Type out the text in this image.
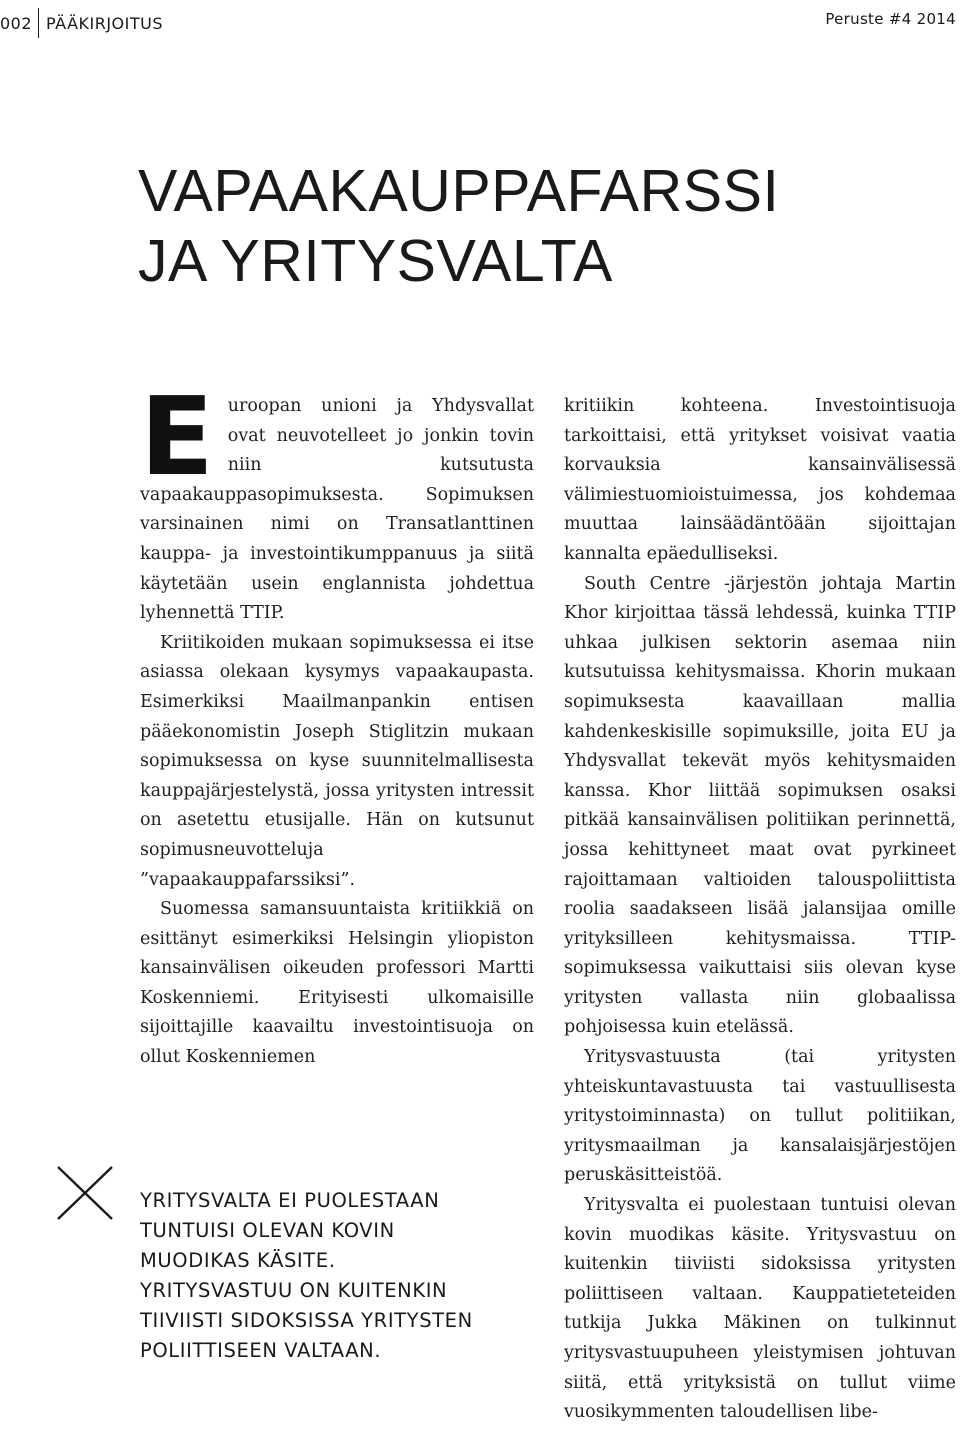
002 PÄÄKIRJOITUS	Peruste #4 2014
VAPAAKAUPPAFARSSI
JA YRITYSVALTA
E uroopan unioni ja Yhdysvallat ovat neuvotelleet jo jonkin tovin niin kutsutusta vapaakauppasopimuksesta. Sopimuksen varsinainen nimi on Transatlanttinen kauppa- ja investointikumppanuus ja siitä käytetään usein englannista johdettua lyhennettä TTIP.

Kriitikoiden mukaan sopimuksessa ei itse asiassa olekaan kysymys vapaakaupasta. Esimerkiksi Maailmanpankin entisen pääekonomistin Joseph Stiglitzin mukaan sopimuksessa on kyse suunnitelmallisesta kauppajärjestelystä, jossa yritysten intressit on asetettu etusijalle. Hän on kutsunut sopimusneuvotteluja ”vapaakauppafarssiksi”.

Suomessa samansuuntaista kritiikkiä on esittänyt esimerkiksi Helsingin yliopiston kansainvälisen oikeuden professori Martti Koskenniemi. Erityisesti ulkomaisille sijoittajille kaavailtu investointisuoja on ollut Koskenniemen

kritiikin kohteena. Investointisuoja tarkoittaisi, että yritykset voisivat vaatia korvauksia kansainvälisessä välimiestuomioistuimessa, jos kohdemaa muuttaa lainsäädäntöään sijoittajan kannalta epäedulliseksi.

South Centre -järjestön johtaja Martin Khor kirjoittaa tässä lehdessä, kuinka TTIP uhkaa julkisen sektorin asemaa niin kutsutuissa kehitysmaissa. Khorin mukaan sopimuksesta kaavaillaan mallia kahdenkeskisille sopimuksille, joita EU ja Yhdysvallat tekevät myös kehitysmaiden kanssa. Khor liittää sopimuksen osaksi pitkää kansainvälisen politiikan perinnettä, jossa kehittyneet maat ovat pyrkineet rajoittamaan valtioiden talouspoliittista roolia saadakseen lisää jalansijaa omille yrityksilleen kehitysmaissa. TTIP-sopimuksessa vaikuttaisi siis olevan kyse yritysten vallasta niin globaalissa pohjoisessa kuin etelässä.

Yritysvastuusta (tai yritysten yhteiskuntavastuusta tai vastuullisesta yritystoiminnasta) on tullut politiikan, yritysmaailman ja kansalaisjärjestöjen peruskäsitteistöä.

Yritysvalta ei puolestaan tuntuisi olevan kovin muodikas käsite. Yritysvastuu on kuitenkin tiiviisti sidoksissa yritysten poliittiseen valtaan. Kauppatieteteiden tutkija Jukka Mäkinen on tulkinnut yritysvastuupuheen yleistymisen johtuvan siitä, että yrityksistä on tullut viime vuosikymmenten taloudellisen libe-

YRITYSVALTA EI PUOLESTAAN
TUNTUISI OLEVAN KOVIN
MUODIKAS KÄSITE.
YRITYSVASTUU ON KUITENKIN
TIIVIISTI SIDOKSISSA YRITYSTEN
POLIITTISEEN VALTAAN.
